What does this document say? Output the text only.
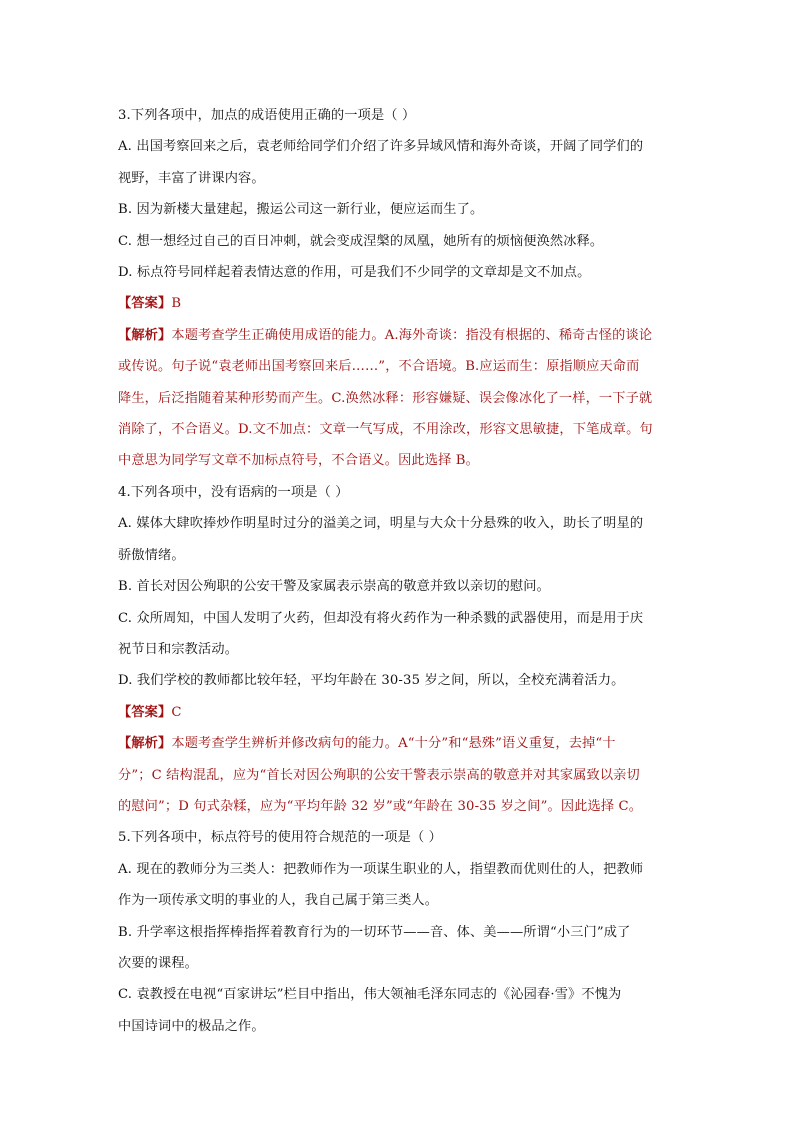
3.下列各项中，加点的成语使用正确的一项是（ ）
A. 出国考察回来之后，袁老师给同学们介绍了许多异域风情和海外奇谈，开阔了同学们的
视野，丰富了讲课内容。
B. 因为新楼大量建起，搬运公司这一新行业，便应运而生了。
C. 想一想经过自己的百日冲刺，就会变成涅槃的凤凰，她所有的烦恼便涣然冰释。
D. 标点符号同样起着表情达意的作用，可是我们不少同学的文章却是文不加点。
【答案】B
【解析】本题考查学生正确使用成语的能力。A.海外奇谈：指没有根据的、稀奇古怪的谈论
或传说。句子说“袁老师出国考察回来后……”，不合语境。B.应运而生：原指顺应天命而
降生，后泛指随着某种形势而产生。C.涣然冰释：形容嫌疑、误会像冰化了一样，一下子就
消除了，不合语义。D.文不加点：文章一气写成，不用涂改，形容文思敏捷，下笔成章。句
中意思为同学写文章不加标点符号，不合语义。因此选择 B。
4.下列各项中，没有语病的一项是（ ）
A. 媒体大肆吹捧炒作明星时过分的溢美之词，明星与大众十分悬殊的收入，助长了明星的
骄傲情绪。
B. 首长对因公殉职的公安干警及家属表示崇高的敬意并致以亲切的慰问。
C. 众所周知，中国人发明了火药，但却没有将火药作为一种杀戮的武器使用，而是用于庆
祝节日和宗教活动。
D. 我们学校的教师都比较年轻，平均年龄在 30-35 岁之间，所以，全校充满着活力。
【答案】C
【解析】本题考查学生辨析并修改病句的能力。A“十分”和“悬殊”语义重复，去掉“十
分”；C 结构混乱，应为“首长对因公殉职的公安干警表示崇高的敬意并对其家属致以亲切
的慰问”；D 句式杂糅，应为“平均年龄 32 岁”或“年龄在 30-35 岁之间”。因此选择 C。
5.下列各项中，标点符号的使用符合规范的一项是（ ）
A. 现在的教师分为三类人：把教师作为一项谋生职业的人，指望教而优则仕的人，把教师
作为一项传承文明的事业的人，我自己属于第三类人。
B. 升学率这根指挥棒指挥着教育行为的一切环节——音、体、美——所谓“小三门”成了
次要的课程。
C. 袁教授在电视“百家讲坛”栏目中指出，伟大领袖毛泽东同志的《沁园春·雪》不愧为
中国诗词中的极品之作。
